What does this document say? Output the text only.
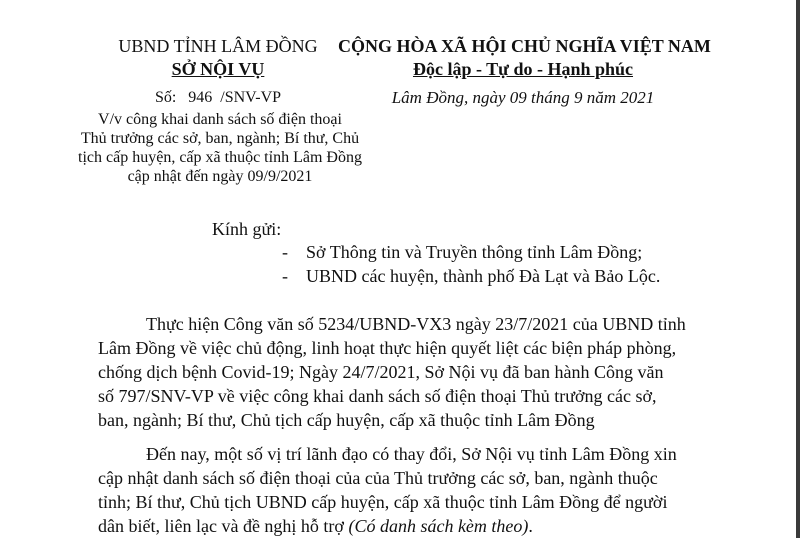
UBND TỈNH LÂM ĐỒNG
SỞ NỘI VỤ
CỘNG HÒA XÃ HỘI CHỦ NGHĨA VIỆT NAM
Độc lập - Tự do - Hạnh phúc
Số:   946  /SNV-VP	Lâm Đồng, ngày 09 tháng 9 năm 2021
V/v công khai danh sách số điện thoại
Thủ trưởng các sở, ban, ngành; Bí thư, Chủ
tịch cấp huyện, cấp xã thuộc tỉnh Lâm Đồng
cập nhật đến ngày 09/9/2021
Kính gửi:
- Sở Thông tin và Truyền thông tỉnh Lâm Đồng;
- UBND các huyện, thành phố Đà Lạt và Bảo Lộc.
Thực hiện Công văn số 5234/UBND-VX3 ngày 23/7/2021 của UBND tỉnh
Lâm Đồng về việc chủ động, linh hoạt thực hiện quyết liệt các biện pháp phòng,
chống dịch bệnh Covid-19; Ngày 24/7/2021, Sở Nội vụ đã ban hành Công văn
số 797/SNV-VP về việc công khai danh sách số điện thoại Thủ trưởng các sở,
ban, ngành; Bí thư, Chủ tịch cấp huyện, cấp xã thuộc tỉnh Lâm Đồng
Đến nay, một số vị trí lãnh đạo có thay đổi, Sở Nội vụ tỉnh Lâm Đồng xin
cập nhật danh sách số điện thoại của của Thủ trưởng các sở, ban, ngành thuộc
tỉnh; Bí thư, Chủ tịch UBND cấp huyện, cấp xã thuộc tỉnh Lâm Đồng để người
dân biết, liên lạc và đề nghị hỗ trợ (Có danh sách kèm theo).
